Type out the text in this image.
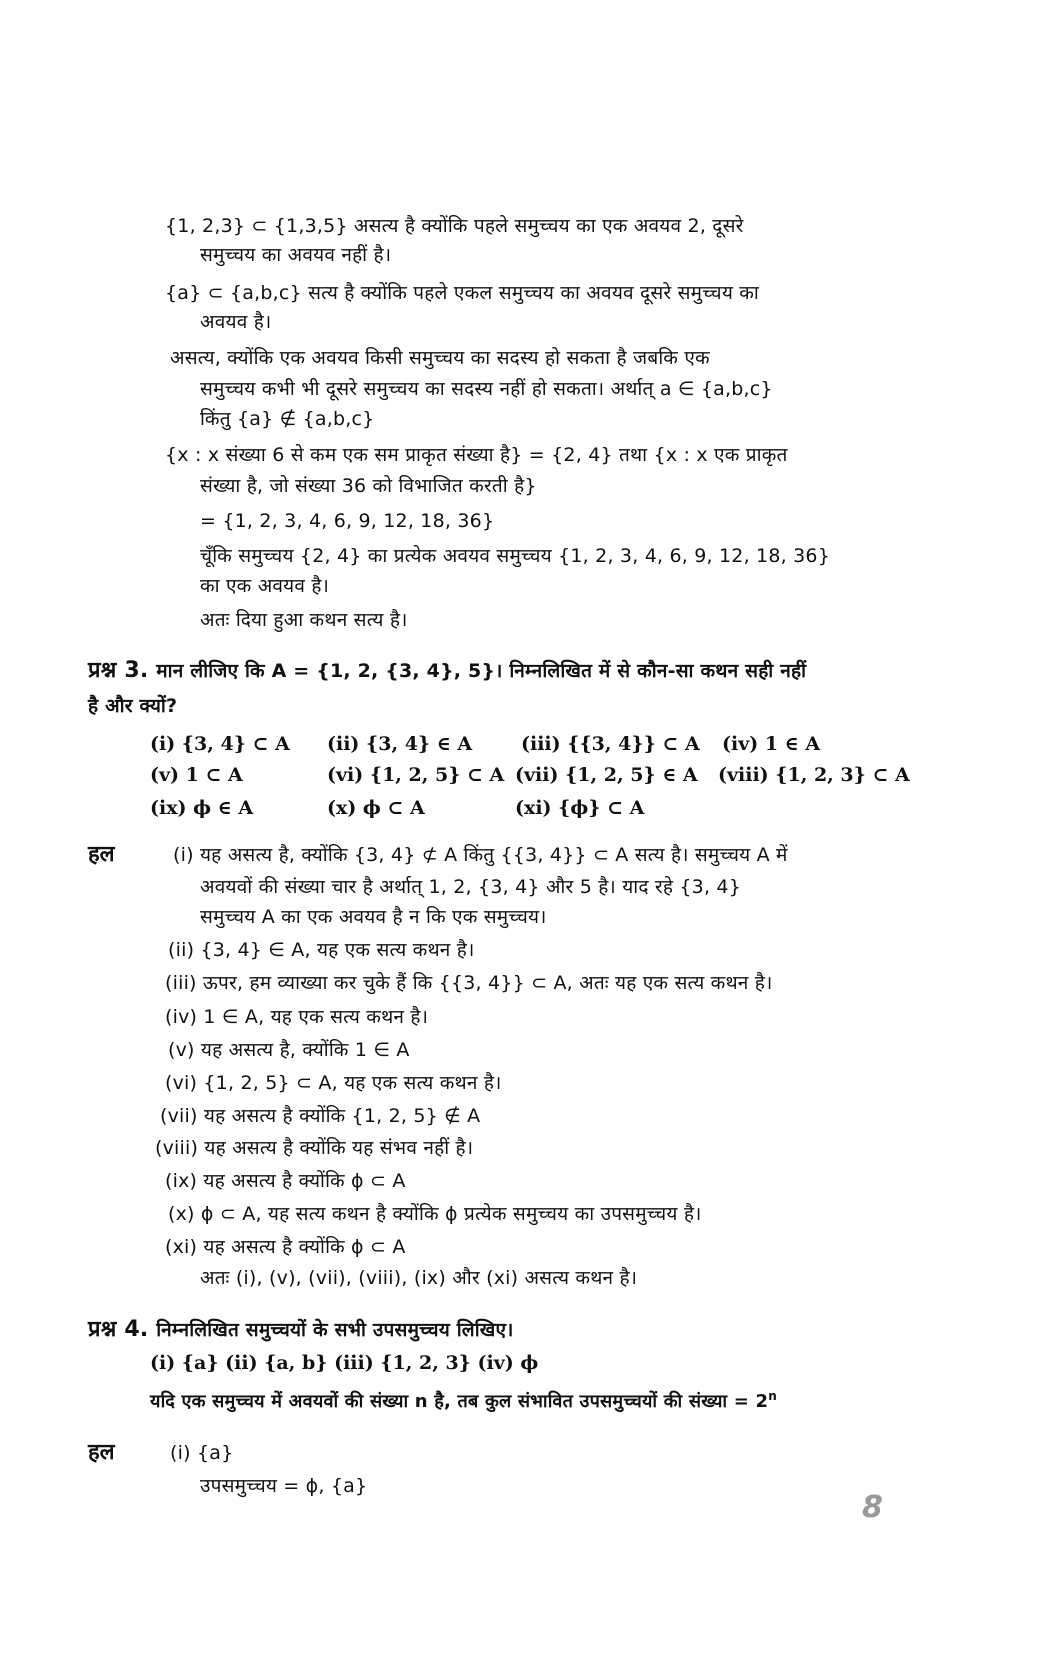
{1, 2,3} ⊂ {1,3,5} असत्य है क्योंकि पहले समुच्चय का एक अवयव 2, दूसरे
समुच्चय का अवयव नहीं है।
{a} ⊂ {a,b,c} सत्य है क्योंकि पहले एकल समुच्चय का अवयव दूसरे समुच्चय का
अवयव है।
असत्य, क्योंकि एक अवयव किसी समुच्चय का सदस्य हो सकता है जबकि एक
समुच्चय कभी भी दूसरे समुच्चय का सदस्य नहीं हो सकता। अर्थात् a ∈ {a,b,c}
किंतु {a} ∉ {a,b,c}
{x : x संख्या 6 से कम एक सम प्राकृत संख्या है} = {2, 4} तथा {x : x एक प्राकृत
संख्या है, जो संख्या 36 को विभाजित करती है}
= {1, 2, 3, 4, 6, 9, 12, 18, 36}
चूँकि समुच्चय {2, 4} का प्रत्येक अवयव समुच्चय {1, 2, 3, 4, 6, 9, 12, 18, 36}
का एक अवयव है।
अतः दिया हुआ कथन सत्य है।
प्रश्न 3. मान लीजिए कि A = {1, 2, {3, 4}, 5}। निम्नलिखित में से कौन-सा कथन सही नहीं
है और क्यों?
(i) {3, 4} ⊂ A (ii) {3, 4} ∈ A	(iii) {{3, 4}} ⊂ A (iv) 1 ∈ A
(v) 1 ⊂ A	(vi) {1, 2, 5} ⊂ A (vii) {1, 2, 5} ∈ A (viii) {1, 2, 3} ⊂ A
(ix) ϕ ∈ A	(x) ϕ ⊂ A	(xi) {ϕ} ⊂ A
हल	(i) यह असत्य है, क्योंकि {3, 4} ⊄ A किंतु {{3, 4}} ⊂ A सत्य है। समुच्चय A में
अवयवों की संख्या चार है अर्थात् 1, 2, {3, 4} और 5 है। याद रहे {3, 4}
समुच्चय A का एक अवयव है न कि एक समुच्चय।
(ii) {3, 4} ∈ A, यह एक सत्य कथन है।
(iii) ऊपर, हम व्याख्या कर चुके हैं कि {{3, 4}} ⊂ A, अतः यह एक सत्य कथन है।
(iv) 1 ∈ A, यह एक सत्य कथन है।
(v) यह असत्य है, क्योंकि 1 ∈ A
(vi) {1, 2, 5} ⊂ A, यह एक सत्य कथन है।
(vii) यह असत्य है क्योंकि {1, 2, 5} ∉ A
(viii) यह असत्य है क्योंकि यह संभव नहीं है।
(ix) यह असत्य है क्योंकि ϕ ⊂ A
(x) ϕ ⊂ A, यह सत्य कथन है क्योंकि ϕ प्रत्येक समुच्चय का उपसमुच्चय है।
(xi) यह असत्य है क्योंकि ϕ ⊂ A
अतः (i), (v), (vii), (viii), (ix) और (xi) असत्य कथन है।
प्रश्न 4. निम्नलिखित समुच्चयों के सभी उपसमुच्चय लिखिए।
(i) {a} (ii) {a, b} (iii) {1, 2, 3} (iv) ϕ
यदि एक समुच्चय में अवयवों की संख्या n है, तब कुल संभावित उपसमुच्चयों की संख्या = $2^n$
हल	(i) {a}
उपसमुच्चय = ϕ, {a}
8
